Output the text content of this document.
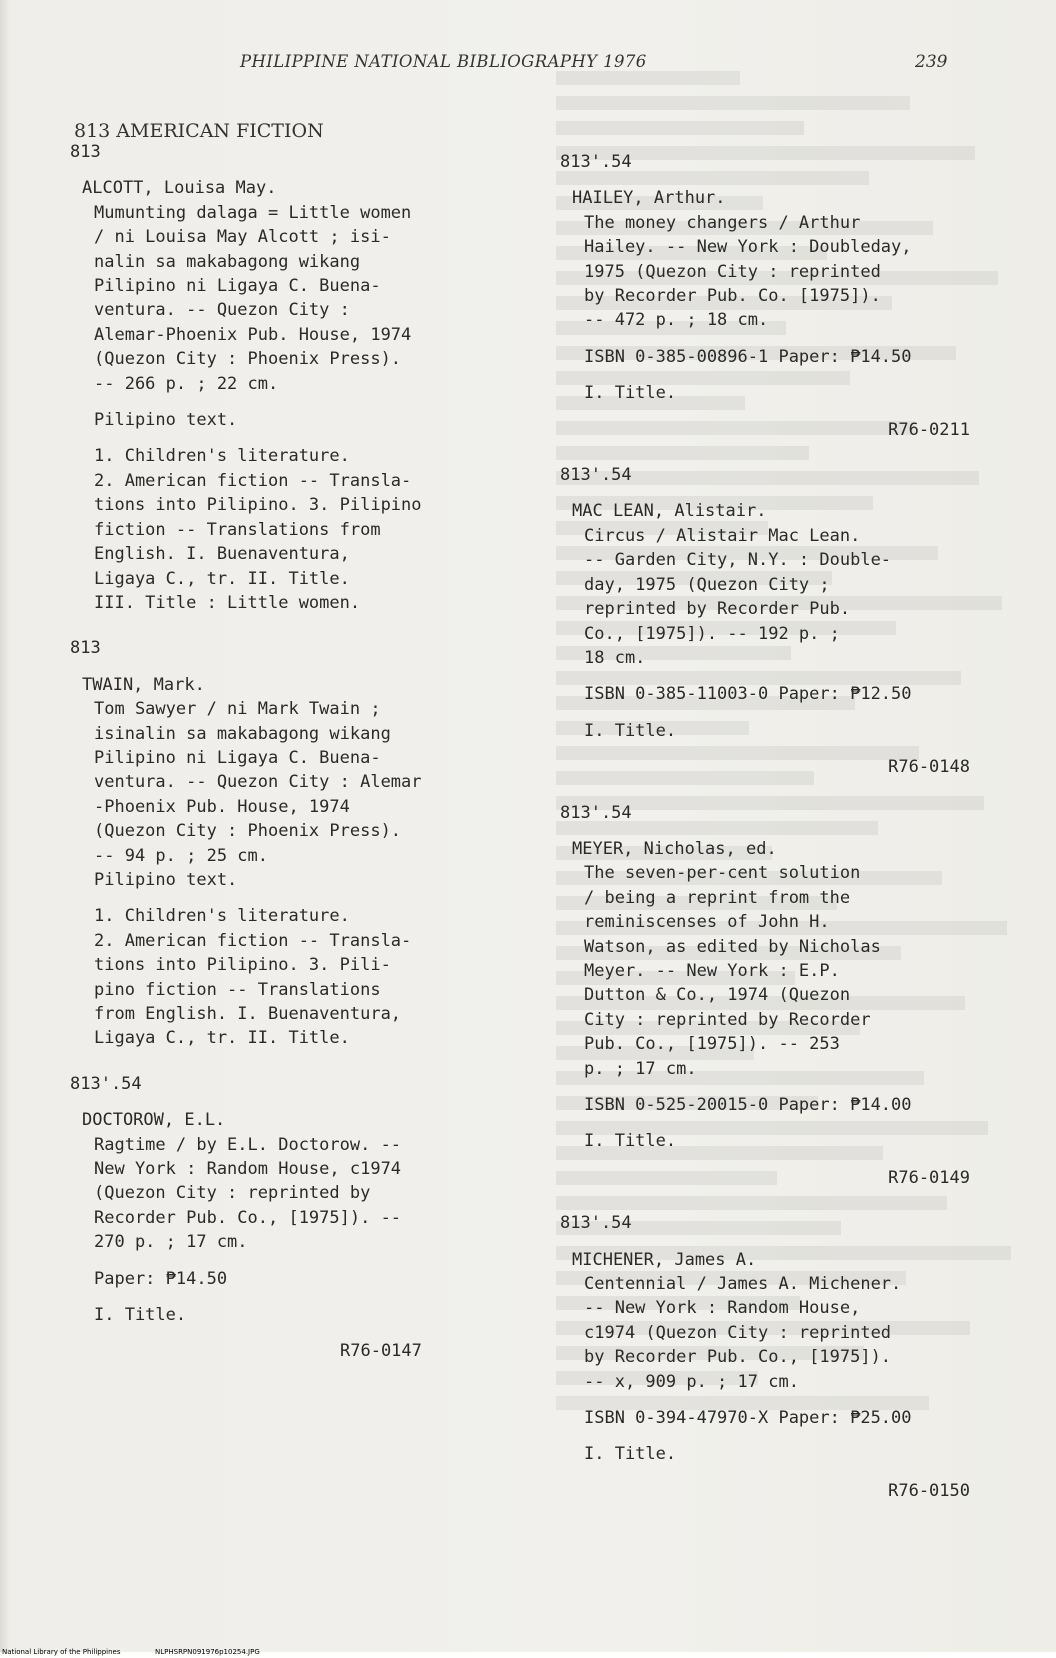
PHILIPPINE NATIONAL BIBLIOGRAPHY 1976	239
813 AMERICAN FICTION
813
ALCOTT, Louisa May.
Mumunting dalaga = Little women
/ ni Louisa May Alcott ; isi-
nalin sa makabagong wikang
Pilipino ni Ligaya C. Buena-
ventura. -- Quezon City :
Alemar-Phoenix Pub. House, 1974
(Quezon City : Phoenix Press).
-- 266 p. ; 22 cm.
Pilipino text.
1. Children's literature.
2. American fiction -- Transla-
tions into Pilipino. 3. Pilipino
fiction -- Translations from
English. I. Buenaventura,
Ligaya C., tr. II. Title.
III. Title : Little women.
813
TWAIN, Mark.
Tom Sawyer / ni Mark Twain ;
isinalin sa makabagong wikang
Pilipino ni Ligaya C. Buena-
ventura. -- Quezon City : Alemar
-Phoenix Pub. House, 1974
(Quezon City : Phoenix Press).
-- 94 p. ; 25 cm.
Pilipino text.
1. Children's literature.
2. American fiction -- Transla-
tions into Pilipino. 3. Pili-
pino fiction -- Translations
from English. I. Buenaventura,
Ligaya C., tr. II. Title.
813'.54
DOCTOROW, E.L.
Ragtime / by E.L. Doctorow. --
New York : Random House, c1974
(Quezon City : reprinted by
Recorder Pub. Co., [1975]). --
270 p. ; 17 cm.
Paper: ₱14.50
I. Title.
R76-0147
813'.54
HAILEY, Arthur.
The money changers / Arthur
Hailey. -- New York : Doubleday,
1975 (Quezon City : reprinted
by Recorder Pub. Co. [1975]).
-- 472 p. ; 18 cm.
ISBN 0-385-00896-1 Paper: ₱14.50
I. Title.
R76-0211
813'.54
MAC LEAN, Alistair.
Circus / Alistair Mac Lean.
-- Garden City, N.Y. : Double-
day, 1975 (Quezon City ;
reprinted by Recorder Pub.
Co., [1975]). -- 192 p. ;
18 cm.
ISBN 0-385-11003-0 Paper: ₱12.50
I. Title.
R76-0148
813'.54
MEYER, Nicholas, ed.
The seven-per-cent solution
/ being a reprint from the
reminiscenses of John H.
Watson, as edited by Nicholas
Meyer. -- New York : E.P.
Dutton & Co., 1974 (Quezon
City : reprinted by Recorder
Pub. Co., [1975]). -- 253
p. ; 17 cm.
ISBN 0-525-20015-0 Paper: ₱14.00
I. Title.
R76-0149
813'.54
MICHENER, James A.
Centennial / James A. Michener.
-- New York : Random House,
c1974 (Quezon City : reprinted
by Recorder Pub. Co., [1975]).
-- x, 909 p. ; 17 cm.
ISBN 0-394-47970-X Paper: ₱25.00
I. Title.
R76-0150
National Library of the Philippines	NLPHSRPN091976p10254.JPG
